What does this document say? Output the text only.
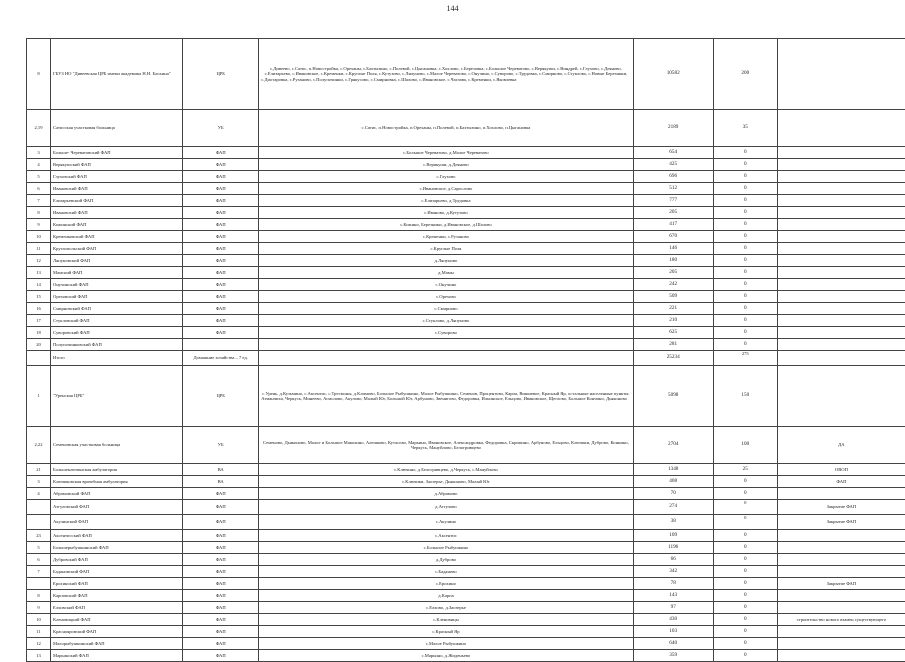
144
8	ГБУЗ НО "Дивеевская ЦРБ имени академика Н.Н. Блохина"	ЦРБ	с.Дивеево, с.Сатис, п.Новостройка, с.Ореханы, с.Бахтызино, с.Полевой, с.Цыгановка, с.Хохлово, с.Березовка, с.Большое Череватово, с.Верякуши, с.Виндрей, с.Глухово, с.Деяново, с.Елизарьево, с.Ивановское, с.Кременки, с.Круглые Поля, с.Кутузово, с.Ляпуново, с.Малое Череватово, с.Онучино, с.Суворово, с.Трудовка, с.Смирново, с.Стуклово, с.Новые Березники, с.Диотаровка, с.Рузаново, с.Полупочинки, с.Грякусово, с.Смирновка, с.Шалово, с.Ивановское, с.Чаглава, с.Кременки, с.Яковлевка	10582	200	
2,19	Сатисская участковая больница	УБ	с.Сатис, п.Новостройка, п.Ореханы, п.Полевой, п.Бахтызино, п.Хохлово, п.Цыгановка	2189	35	
3	Больше- Череватовский ФАП	ФАП	с.Большое Череватово, д.Малое Череватово	654	0	
4	Верякушский ФАП	ФАП	с.Верякуши, д.Деяново	425	0	
5	Глуховский ФАП	ФАП	с.Глухово	696	0	
6	Ивановский ФАП	ФАП	с.Ивановское, д.Сарослово	512	0	
7	Елизарьевский ФАП	ФАП	с.Елизарьево, д.Трудовка	777	0	
8	Ивановский ФАП	ФАП	с.Иваново, д.Кутузово	205	0	
9	Кожинский ФАП	ФАП	с.Кожино, Березники, д.Ивановское, д.Шалово	417	0	
10	Кременковский ФАП	ФАП	с.Кременки, с.Рузаново	670	0	
11	Круглопольский ФАП	ФАП	с.Круглые Поля	146	0	
12	Ляпуновский ФАП	ФАП	д.Ляпуново	180	0	
13	Мамский ФАП	ФАП	д.Мамы	205	0	
14	Онучинский ФАП	ФАП	с.Онучино	242	0	
15	Ореховский ФАП	ФАП	с.Орехово	509	0	
16	Смирновский ФАП	ФАП	с.Смирново	221	0	
17	Стукловский ФАП	ФАП	с.Стуклово, д.Ляпуново	210	0	
18	Суворовский ФАП	ФАП	с.Суворово	625	0	
20	Полупочинковский ФАП			281	0	
	Итого	Домашние хозяйства – 7 ед.		25234	275	
1	"Уренская ЦРБ"	ЦРБ	с.Урень, д.Кузьмино, с.Аксентис, с.Тресмоны, д.Климово, Большое Рыбушкино, Малое Рыбушкино, Семенов, Процентово, Карпа, Вишневое, Красный Яр, остальные населенные пункты: Атманчиха, Черкусь, Минеево, Асмолово, Акулово, Малый Юг, Большой Юг, Арбуново, Звенигово, Федоровка, Ильинское, Ельцово, Ивановское, Щеглово, Большое Кончино, Дьяконово	5098	150	
2,22	Семеновская участковая больница	УБ	Семеново, Дьяконово, Малое и Большое Маколино, Алешково, Кутасово, Марьино, Ивановское, Александровка, Федоровка, Скрипино, Арбуново, Ельцово, Ключики, Дуброво, Коннино, Черкусь, Мануйлово, Белогривцево	2704	100	ДА
21	Большеключинская амбулатория	ВА	с.Ключино, д.Белогривцево, д.Черкусь, с.Мануйлово	1348	25	ОВОП
3	Ключиковская врачебная амбулатория	ВА	с.Ключики, Заозерье, Дьяконово, Малый Юг	408	0	ФАП
4	Абрамовский ФАП	ФАП	д.Абрамово	70	0	
	Атгуловский ФАП	ФАП	д.Атгулово	274	0	Закрытие ФАП
	Акулинский ФАП	ФАП	с.Акулино	38	0	Закрытие ФАП
23	Аксентисский ФАП	ФАП	с.Аксентис	109	0	
5	Большерыбушкинский ФАП	ФАП	с.Большое Рыбушкино	1196	0	
6	Дубровский ФАП	ФАП	д.Дуброво	66	0	
7	Бадановский ФАП	ФАП	с.Баданово	342	0	
	Ерохинский ФАП	ФАП	с.Ерохино	78	0	Закрытие ФАП
8	Карповский ФАП	ФАП	д.Карпа	143	0	
9	Елховский ФАП	ФАП	с.Елхово, д.Заозерье	97	0	
10	Кленовицкий ФАП	ФАП	с.Кленовицы	430	0	строительство нового взамен существующего
11	Краснояровский ФАП	ФАП	с.Красный Яр	103	0	
12	Малорыбушкинский ФАП	ФАП	с.Малое Рыбушкино	640	0	
13	Марьинский ФАП	ФАП	с.Марьино, д.Жиденьево	359	0	
